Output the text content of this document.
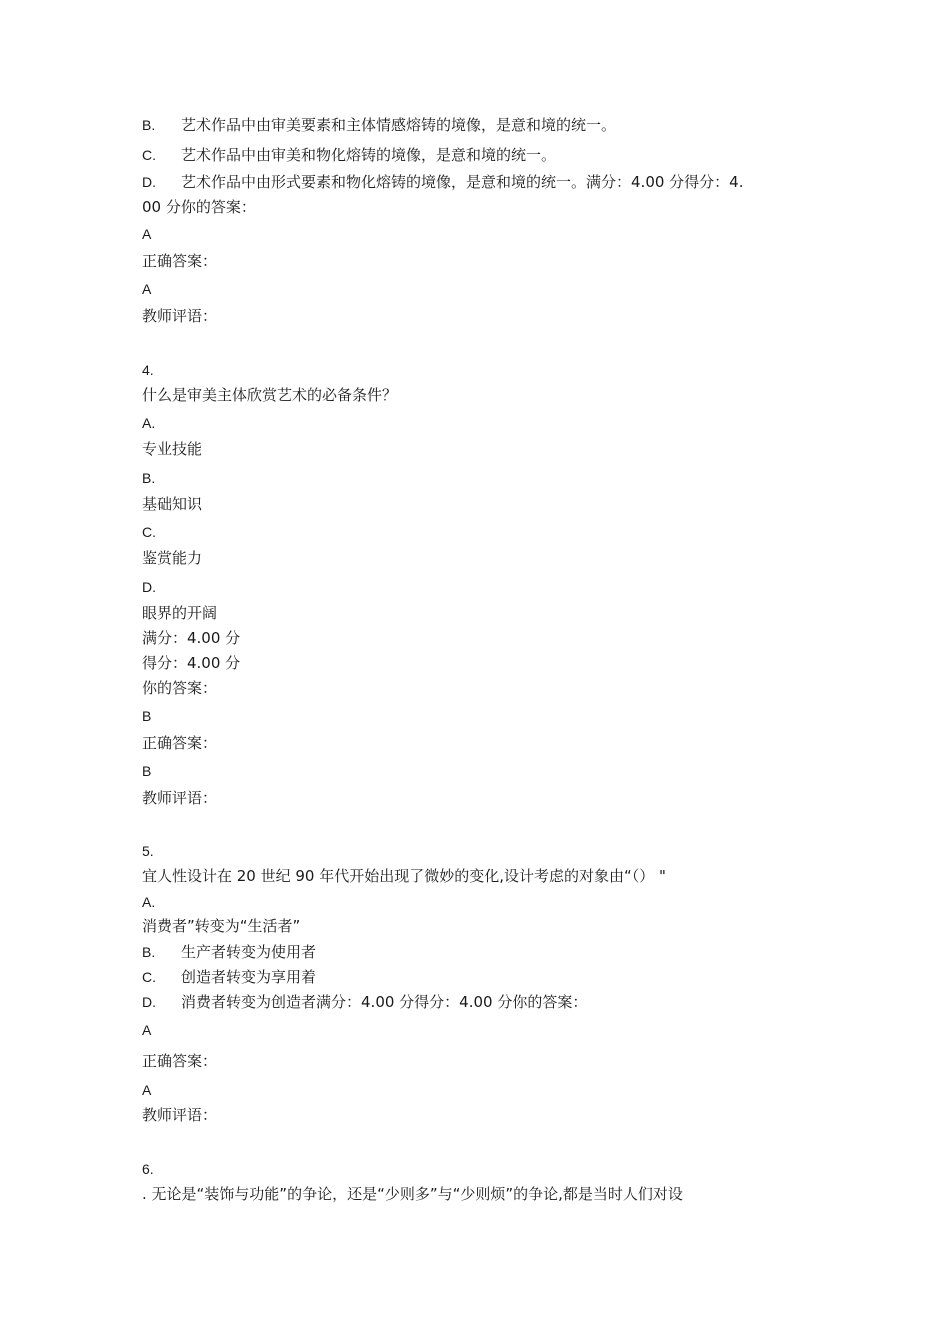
B. 艺术作品中由审美要素和主体情感熔铸的境像，是意和境的统一。
C. 艺术作品中由审美和物化熔铸的境像，是意和境的统一。
D. 艺术作品中由形式要素和物化熔铸的境像，是意和境的统一。满分：4.00 分得分：4.
00 分你的答案：
A
正确答案：
A
教师评语：
4.
什么是审美主体欣赏艺术的必备条件？
A.
专业技能
B.
基础知识
C.
鉴赏能力
D.
眼界的开阔
满分：4.00 分
得分：4.00 分
你的答案：
B
正确答案：
B
教师评语：
5.
宜人性设计在 20 世纪 90 年代开始出现了微妙的变化,设计考虑的对象由“（） "
A.
消费者”转变为“生活者”
B. 生产者转变为使用者
C. 创造者转变为享用着
D. 消费者转变为创造者满分：4.00 分得分：4.00 分你的答案：
A
正确答案：
A
教师评语：
6.
. 无论是“装饰与功能”的争论，还是“少则多”与“少则烦”的争论,都是当时人们对设
